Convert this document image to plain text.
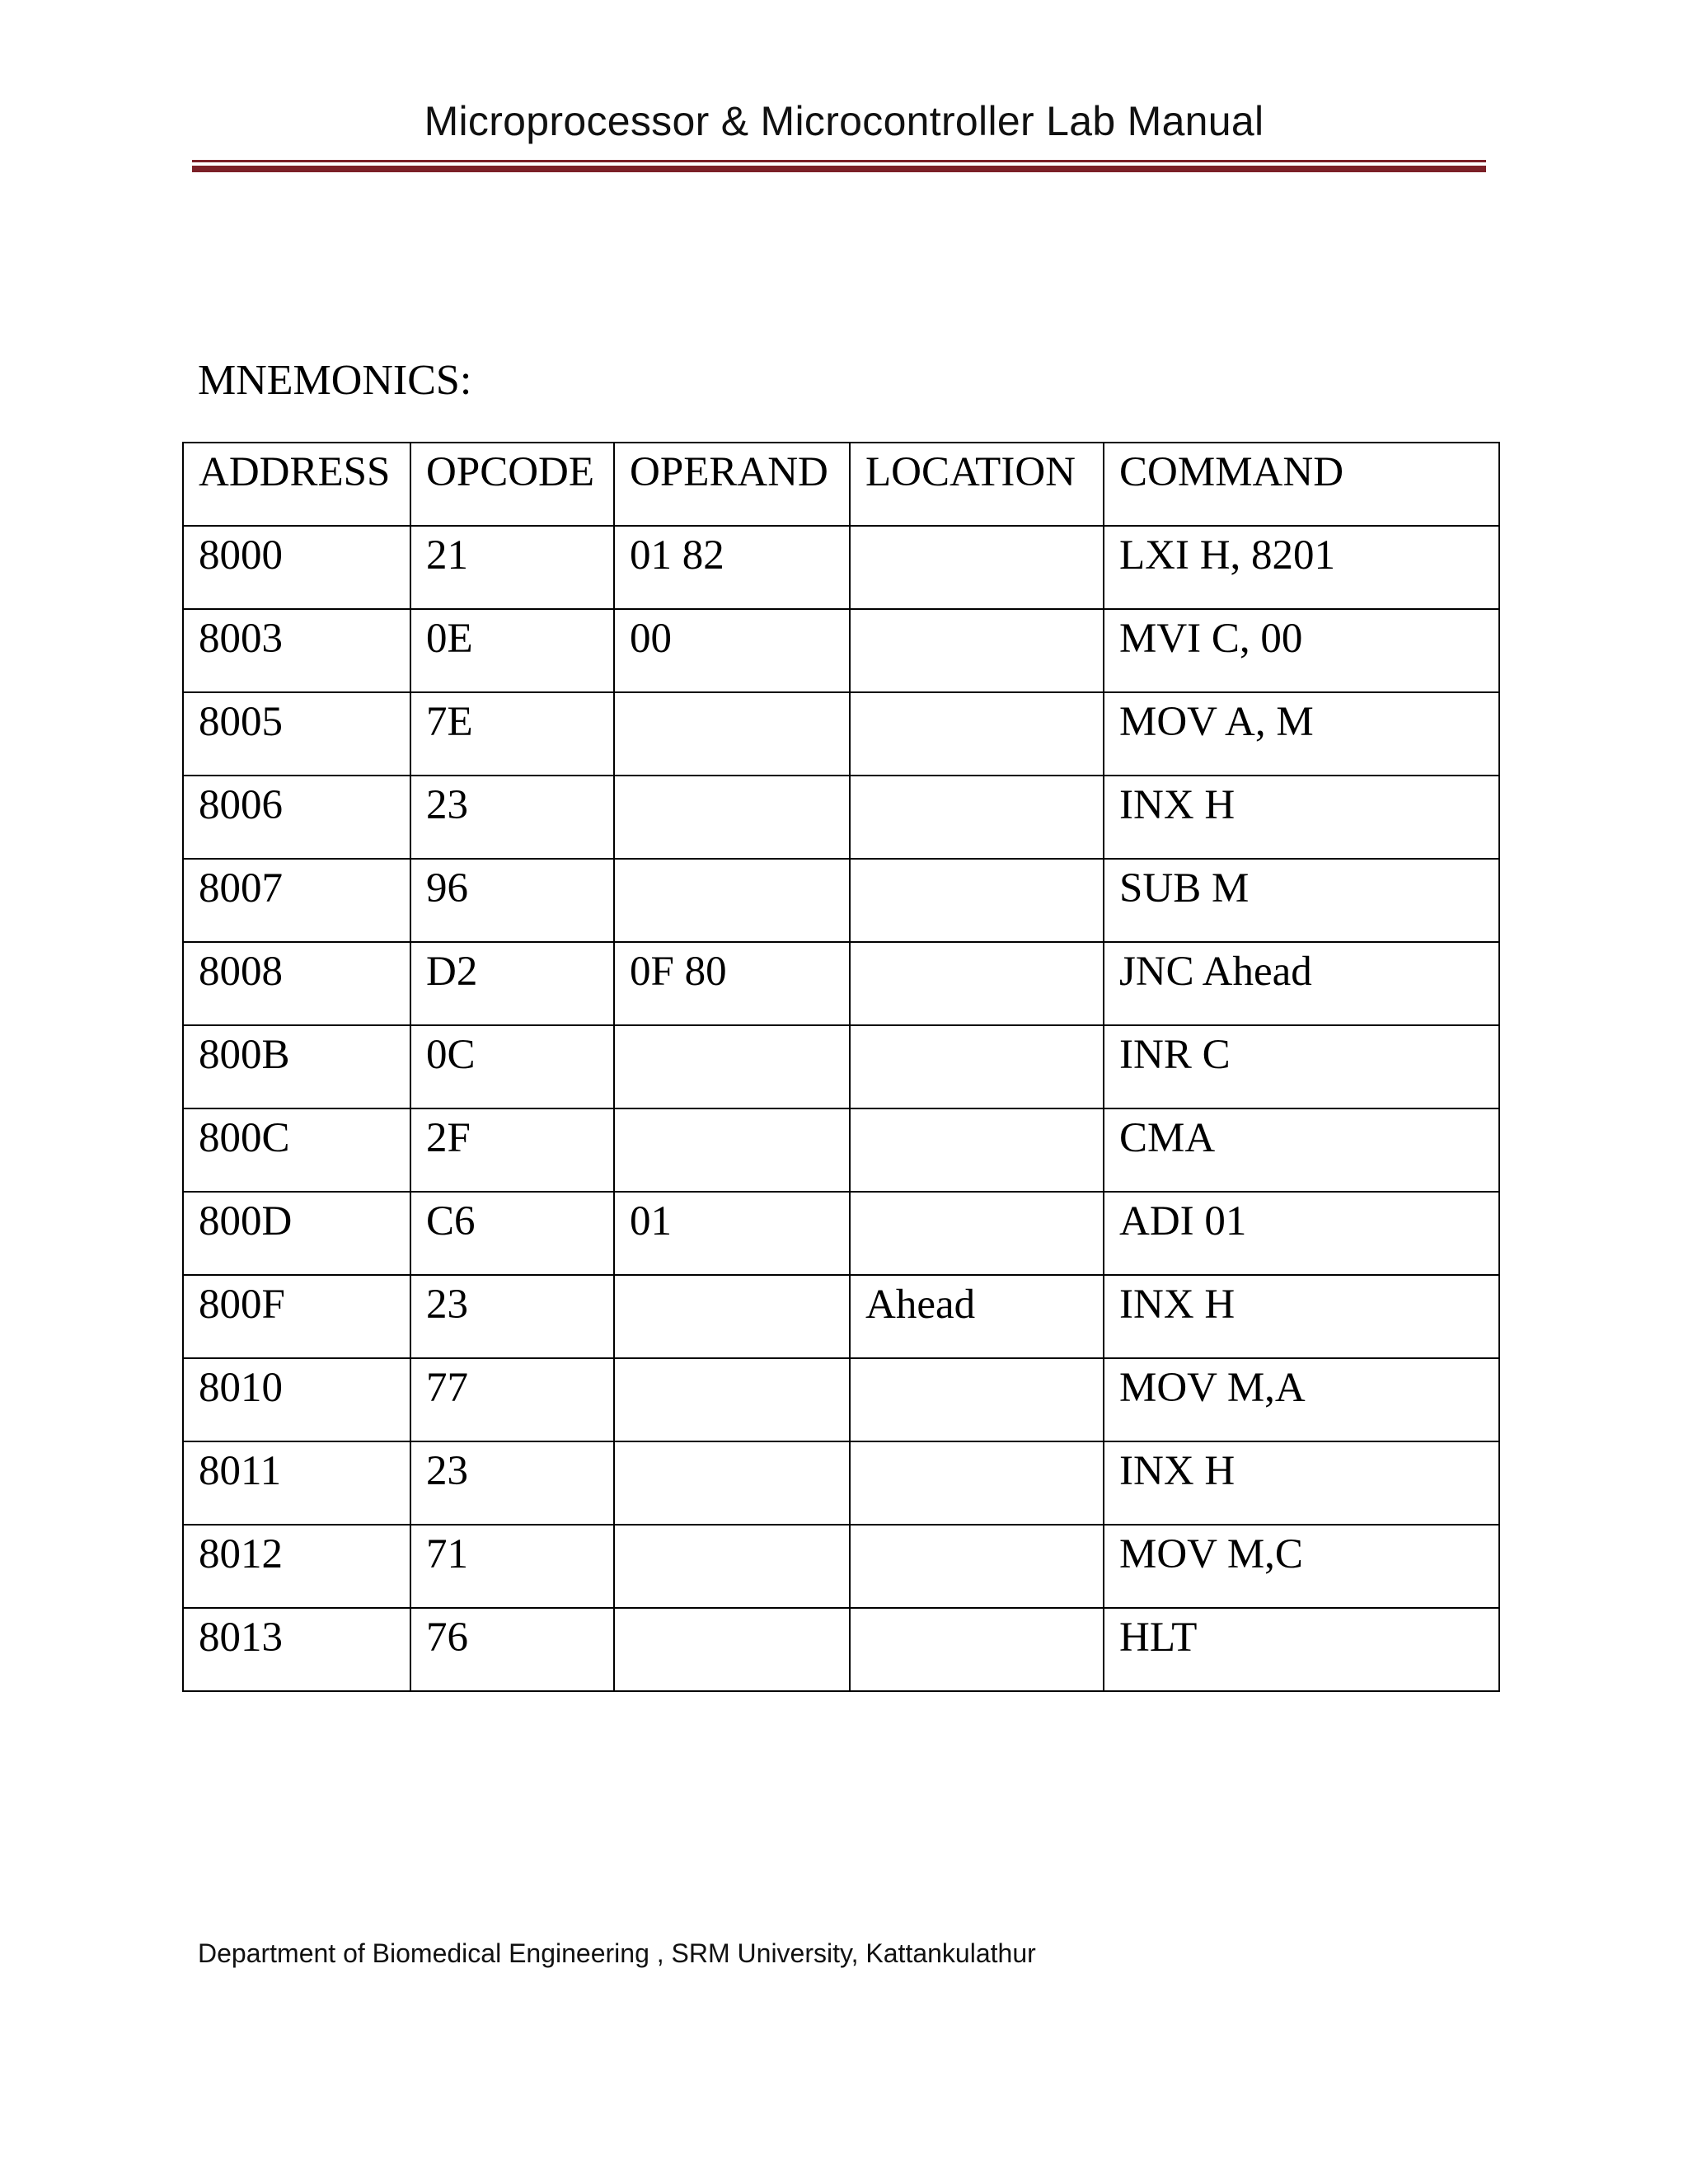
Microprocessor & Microcontroller Lab Manual
MNEMONICS:
ADDRESS	OPCODE	OPERAND	LOCATION	COMMAND
8000	21	01 82		LXI H, 8201
8003	0E	00		MVI C, 00
8005	7E			MOV A, M
8006	23			INX H
8007	96			SUB M
8008	D2	0F 80		JNC Ahead
800B	0C			INR C
800C	2F			CMA
800D	C6	01		ADI 01
800F	23		Ahead	INX H
8010	77			MOV M,A
8011	23			INX H
8012	71			MOV M,C
8013	76			HLT
Department of Biomedical Engineering , SRM University, Kattankulathur
